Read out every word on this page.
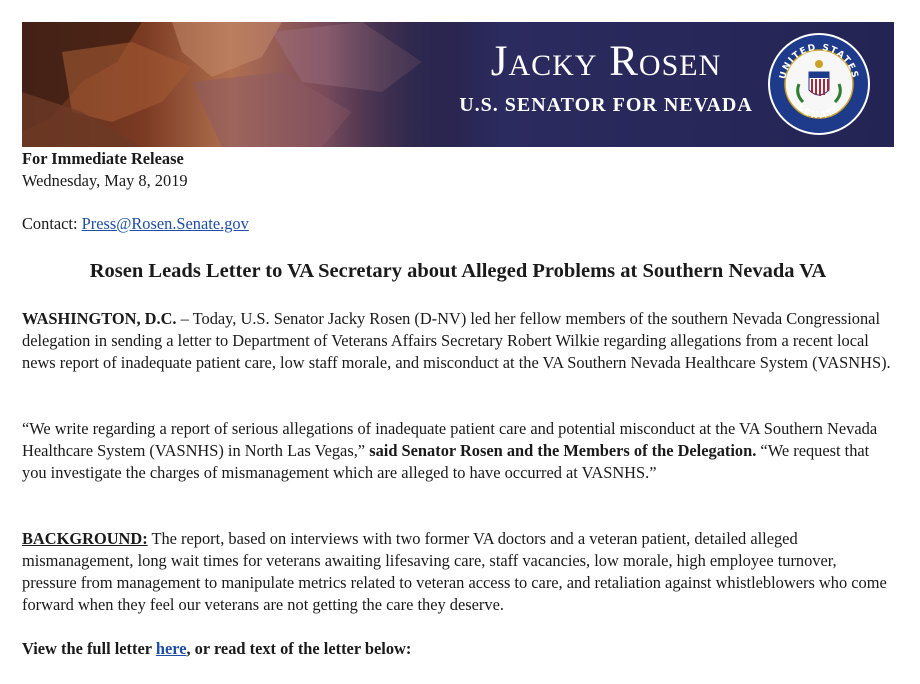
Jacky Rosen
U.S. SENATOR FOR NEVADA
UNITED STATES
SENATE
For Immediate Release
Wednesday, May 8, 2019
Contact: Press@Rosen.Senate.gov
Rosen Leads Letter to VA Secretary about Alleged Problems at Southern Nevada VA
WASHINGTON, D.C. – Today, U.S. Senator Jacky Rosen (D-NV) led her fellow members of the southern Nevada Congressional delegation in sending a letter to Department of Veterans Affairs Secretary Robert Wilkie regarding allegations from a recent local news report of inadequate patient care, low staff morale, and misconduct at the VA Southern Nevada Healthcare System (VASNHS).
“We write regarding a report of serious allegations of inadequate patient care and potential misconduct at the VA Southern Nevada Healthcare System (VASNHS) in North Las Vegas,” said Senator Rosen and the Members of the Delegation. “We request that you investigate the charges of mismanagement which are alleged to have occurred at VASNHS.”
BACKGROUND: The report, based on interviews with two former VA doctors and a veteran patient, detailed alleged mismanagement, long wait times for veterans awaiting lifesaving care, staff vacancies, low morale, high employee turnover, pressure from management to manipulate metrics related to veteran access to care, and retaliation against whistleblowers who come forward when they feel our veterans are not getting the care they deserve.
View the full letter here, or read text of the letter below:
